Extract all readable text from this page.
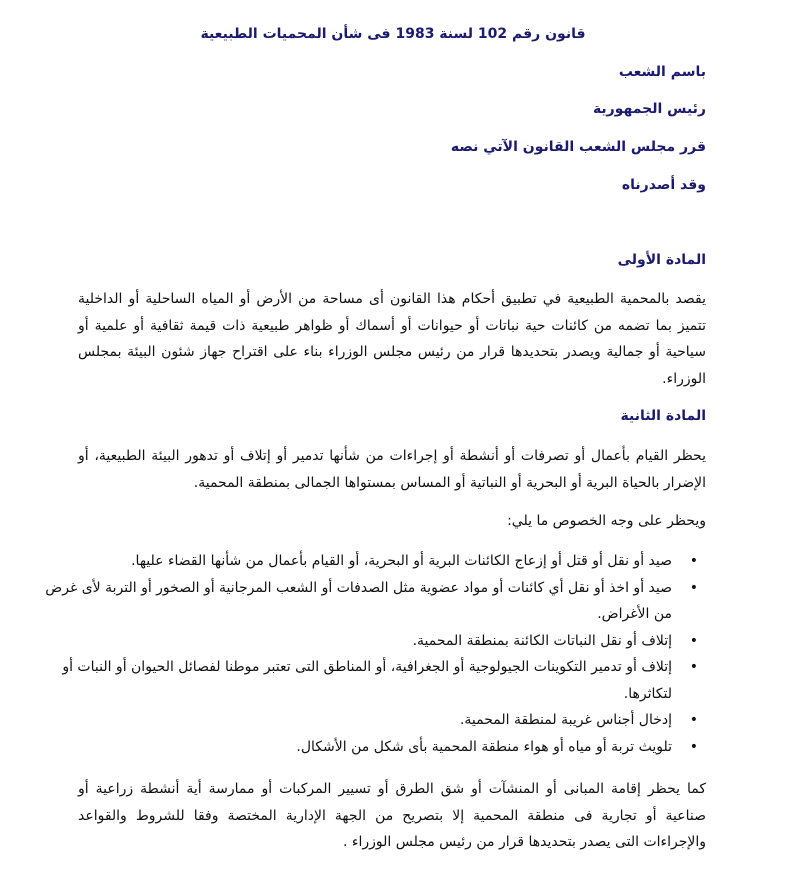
قانون رقم 102 لسنة 1983 فى شأن المحميات الطبيعية
باسم الشعب
رئيس الجمهورية
قرر مجلس الشعب القانون الآتي نصه
وقد أصدرناه
المادة الأولى
يقصد بالمحمية الطبيعية في تطبيق أحكام هذا القانون أى مساحة من الأرض أو المياه الساحلية أو الداخلية تتميز بما تضمه من كائنات حية نباتات أو حيوانات أو أسماك أو ظواهر طبيعية ذات قيمة ثقافية أو علمية أو سياحية أو جمالية ويصدر بتحديدها قرار من رئيس مجلس الوزراء بناء على اقتراح جهاز شئون البيئة بمجلس الوزراء.
المادة الثانية
يحظر القيام بأعمال أو تصرفات أو أنشطة أو إجراءات من شأنها تدمير أو إتلاف أو تدهور البيئة الطبيعية، أو الإضرار بالحياة البرية أو البحرية أو النباتية أو المساس بمستواها الجمالى بمنطقة المحمية.
ويحظر على وجه الخصوص ما يلي:
• صيد أو نقل أو قتل أو إزعاج الكائنات البرية أو البحرية، أو القيام بأعمال من شأنها القضاء عليها.
• صيد أو اخذ أو نقل أي كائنات أو مواد عضوية مثل الصدفات أو الشعب المرجانية أو الصخور أو التربة لأى غرض من الأغراض.
• إتلاف أو نقل النباتات الكائنة بمنطقة المحمية.
• إتلاف أو تدمير التكوينات الجيولوجية أو الجغرافية، أو المناطق التى تعتبر موطنا لفصائل الحيوان أو النبات أو لتكاثرها.
• إدخال أجناس غريبة لمنطقة المحمية.
• تلويث تربة أو مياه أو هواء منطقة المحمية بأى شكل من الأشكال.
كما يحظر إقامة المبانى أو المنشآت أو شق الطرق أو تسيير المركبات أو ممارسة أية أنشطة زراعية أو صناعية أو تجارية فى منطقة المحمية إلا بتصريح من الجهة الإدارية المختصة وفقا للشروط والقواعد والإجراءات التى يصدر بتحديدها قرار من رئيس مجلس الوزراء .
